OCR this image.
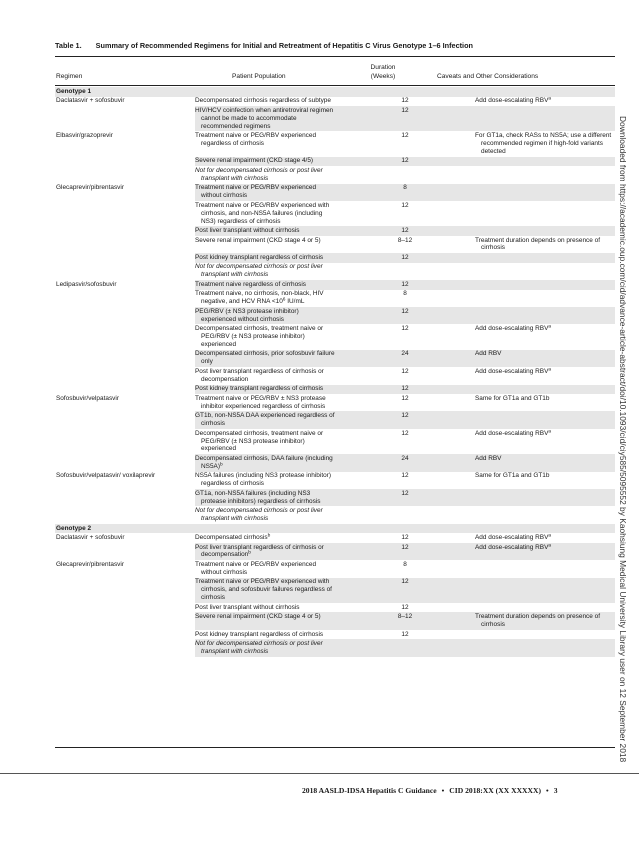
Table 1. Summary of Recommended Regimens for Initial and Retreatment of Hepatitis C Virus Genotype 1–6 Infection
Regimen	Patient Population
Duration (Weeks)	Caveats and Other Considerations
Genotype 1			

Daclatasvir + sofosbuvir	Decompensated cirrhosis regardless of subtype	12	Add dose-escalating RBV$^a$

	HIV/HCV coinfection when antiretroviral regimen cannot be made to accommodate recommended regimens	12	

Elbasvir/grazoprevir	Treatment naive or PEG/RBV experienced regardless of cirrhosis	12	For GT1a, check RASs to NS5A; use a different recommended regimen if high-fold variants detected

	Severe renal impairment (CKD stage 4/5)	12	

	Not for decompensated cirrhosis or post liver transplant with cirrhosis		

Glecaprevir/pibrentasvir	Treatment naive or PEG/RBV experienced without cirrhosis	8	

	Treatment naive or PEG/RBV experienced with cirrhosis, and non-NS5A failures (including NS3) regardless of cirrhosis	12	

	Post liver transplant without cirrhosis	12	

	Severe renal impairment (CKD stage 4 or 5)	8–12	Treatment duration depends on presence of cirrhosis

	Post kidney transplant regardless of cirrhosis	12	

	Not for decompensated cirrhosis or post liver transplant with cirrhosis		

Ledipasvir/sofosbuvir	Treatment naive regardless of cirrhosis	12	

	Treatment naive, no cirrhosis, non-black, HIV negative, and HCV RNA $<10^6$ IU/mL	8	

	PEG/RBV (± NS3 protease inhibitor) experienced without cirrhosis	12	

	Decompensated cirrhosis, treatment naive or PEG/RBV (± NS3 protease inhibitor) experienced	12	Add dose-escalating RBV$^a$

	Decompensated cirrhosis, prior sofosbuvir failure only	24	Add RBV

	Post liver transplant regardless of cirrhosis or decompensation	12	Add dose-escalating RBV$^a$

	Post kidney transplant regardless of cirrhosis	12	

Sofosbuvir/velpatasvir	Treatment naive or PEG/RBV ± NS3 protease inhibitor experienced regardless of cirrhosis	12	Same for GT1a and GT1b

	GT1b, non-NS5A DAA experienced regardless of cirrhosis	12	

	Decompensated cirrhosis, treatment naive or PEG/RBV (± NS3 protease inhibitor) experienced	12	Add dose-escalating RBV$^a$

	Decompensated cirrhosis, DAA failure (including NS5A)$^b$	24	Add RBV

Sofosbuvir/velpatasvir/ voxilaprevir	NS5A failures (including NS3 protease inhibitor) regardless of cirrhosis	12	Same for GT1a and GT1b

	GT1a, non-NS5A failures (including NS3 protease inhibitors) regardless of cirrhosis	12	

	Not for decompensated cirrhosis or post liver transplant with cirrhosis		

Genotype 2			

Daclatasvir + sofosbuvir	Decompensated cirrhosis$^b$	12	Add dose-escalating RBV$^a$

	Post liver transplant regardless of cirrhosis or decompensation$^b$	12	Add dose-escalating RBV$^a$

Glecaprevir/pibrentasvir	Treatment naive or PEG/RBV experienced without cirrhosis	8	

	Treatment naive or PEG/RBV experienced with cirrhosis, and sofosbuvir failures regardless of cirrhosis	12	

	Post liver transplant without cirrhosis	12	

	Severe renal impairment (CKD stage 4 or 5)	8–12	Treatment duration depends on presence of cirrhosis

	Post kidney transplant regardless of cirrhosis	12	

	Not for decompensated cirrhosis or post liver transplant with cirrhosis		

2018 AASLD-IDSA Hepatitis C Guidance • CID 2018:XX (XX XXXXX) • 3
Downloaded from https://academic.oup.com/cid/advance-article-abstract/doi/10.1093/cid/ciy585/5095552 by Kaohsiung Medical University Library user on 12 September 2018
